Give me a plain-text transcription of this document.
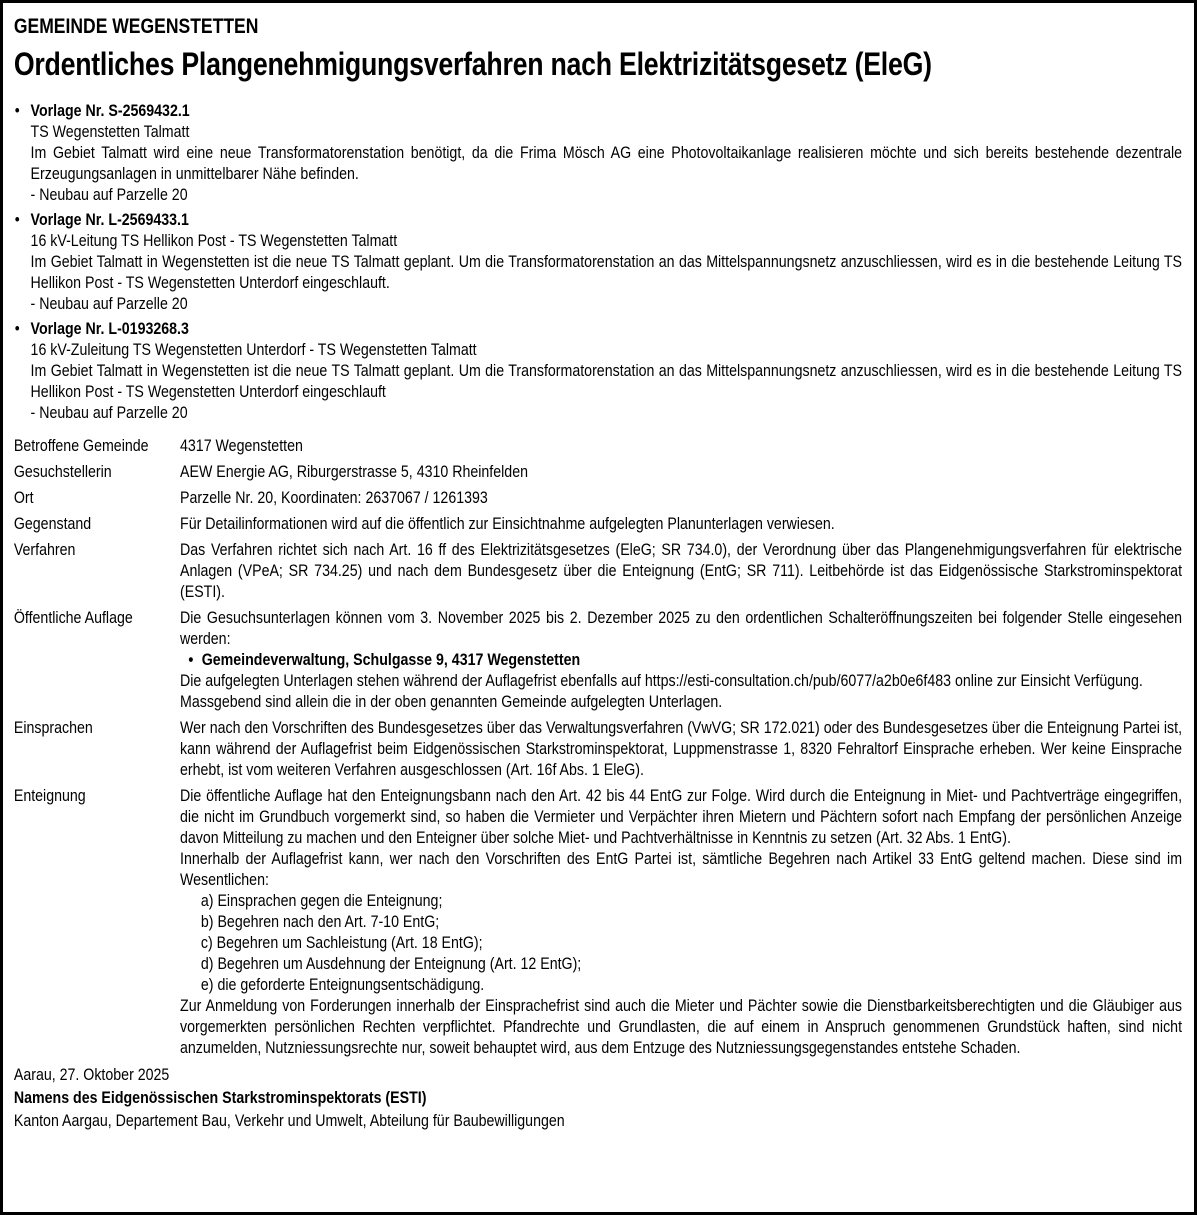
GEMEINDE WEGENSTETTEN

Ordentliches Plangenehmigungsverfahren nach Elektrizitätsgesetz (EleG)

• Vorlage Nr. S-2569432.1

TS Wegenstetten Talmatt

Im Gebiet Talmatt wird eine neue Transformatorenstation benötigt, da die Frima Mösch AG eine Photovoltaikanlage realisieren möchte und sich bereits bestehende dezentrale Erzeugungsanlagen in unmittelbarer Nähe befinden.

- Neubau auf Parzelle 20

• Vorlage Nr. L-2569433.1

16 kV-Leitung TS Hellikon Post - TS Wegenstetten Talmatt

Im Gebiet Talmatt in Wegenstetten ist die neue TS Talmatt geplant. Um die Transformatorenstation an das Mittelspannungsnetz anzuschliessen, wird es in die bestehende Leitung TS Hellikon Post - TS Wegenstetten Unterdorf eingeschlauft.

- Neubau auf Parzelle 20

• Vorlage Nr. L-0193268.3

16 kV-Zuleitung TS Wegenstetten Unterdorf - TS Wegenstetten Talmatt

Im Gebiet Talmatt in Wegenstetten ist die neue TS Talmatt geplant. Um die Transformatorenstation an das Mittelspannungsnetz anzuschliessen, wird es in die bestehende Leitung TS Hellikon Post - TS Wegenstetten Unterdorf eingeschlauft

- Neubau auf Parzelle 20

Betroffene Gemeinde	4317 Wegenstetten
Gesuchstellerin	AEW Energie AG, Riburgerstrasse 5, 4310 Rheinfelden
Ort	Parzelle Nr. 20, Koordinaten: 2637067 / 1261393
Gegenstand	Für Detailinformationen wird auf die öffentlich zur Einsichtnahme aufgelegten Planunterlagen verwiesen.
Verfahren	Das Verfahren richtet sich nach Art. 16 ff des Elektrizitätsgesetzes (EleG; SR 734.0), der Verordnung über das Plangenehmigungsverfahren für elektrische Anlagen (VPeA; SR 734.25) und nach dem Bundesgesetz über die Enteignung (EntG; SR 711). Leitbehörde ist das Eidgenössische Starkstrominspektorat (ESTI).
Öffentliche Auflage	Die Gesuchsunterlagen können vom 3. November 2025 bis 2. Dezember 2025 zu den ordentlichen Schalteröffnungszeiten bei folgender Stelle eingesehen werden:

• Gemeindeverwaltung, Schulgasse 9, 4317 Wegenstetten

Die aufgelegten Unterlagen stehen während der Auflagefrist ebenfalls auf https://esti-consultation.ch/pub/6077/a2b0e6f483 online zur Einsicht Verfügung.

Massgebend sind allein die in der oben genannten Gemeinde aufgelegten Unterlagen.

Einsprachen	Wer nach den Vorschriften des Bundesgesetzes über das Verwaltungsverfahren (VwVG; SR 172.021) oder des Bundesgesetzes über die Enteignung Partei ist, kann während der Auflagefrist beim Eidgenössischen Starkstrominspektorat, Luppmenstrasse 1, 8320 Fehraltorf Einsprache erheben. Wer keine Einsprache erhebt, ist vom weiteren Verfahren ausgeschlossen (Art. 16f Abs. 1 EleG).
Enteignung	Die öffentliche Auflage hat den Enteignungsbann nach den Art. 42 bis 44 EntG zur Folge. Wird durch die Enteignung in Miet- und Pachtverträge eingegriffen, die nicht im Grundbuch vorgemerkt sind, so haben die Vermieter und Verpächter ihren Mietern und Pächtern sofort nach Empfang der persönlichen Anzeige davon Mitteilung zu machen und den Enteigner über solche Miet- und Pachtverhältnisse in Kenntnis zu setzen (Art. 32 Abs. 1 EntG).

Innerhalb der Auflagefrist kann, wer nach den Vorschriften des EntG Partei ist, sämtliche Begehren nach Artikel 33 EntG geltend machen. Diese sind im Wesentlichen:

a) Einsprachen gegen die Enteignung;

b) Begehren nach den Art. 7-10 EntG;

c) Begehren um Sachleistung (Art. 18 EntG);

d) Begehren um Ausdehnung der Enteignung (Art. 12 EntG);

e) die geforderte Enteignungsentschädigung.

Zur Anmeldung von Forderungen innerhalb der Einsprachefrist sind auch die Mieter und Pächter sowie die Dienstbarkeitsberechtigten und die Gläubiger aus vorgemerkten persönlichen Rechten verpflichtet. Pfandrechte und Grundlasten, die auf einem in Anspruch genommenen Grundstück haften, sind nicht anzumelden, Nutzniessungsrechte nur, soweit behauptet wird, aus dem Entzuge des Nutzniessungsgegenstandes entstehe Schaden.

Aarau, 27. Oktober 2025

Namens des Eidgenössischen Starkstrominspektorats (ESTI)

Kanton Aargau, Departement Bau, Verkehr und Umwelt, Abteilung für Baubewilligungen
